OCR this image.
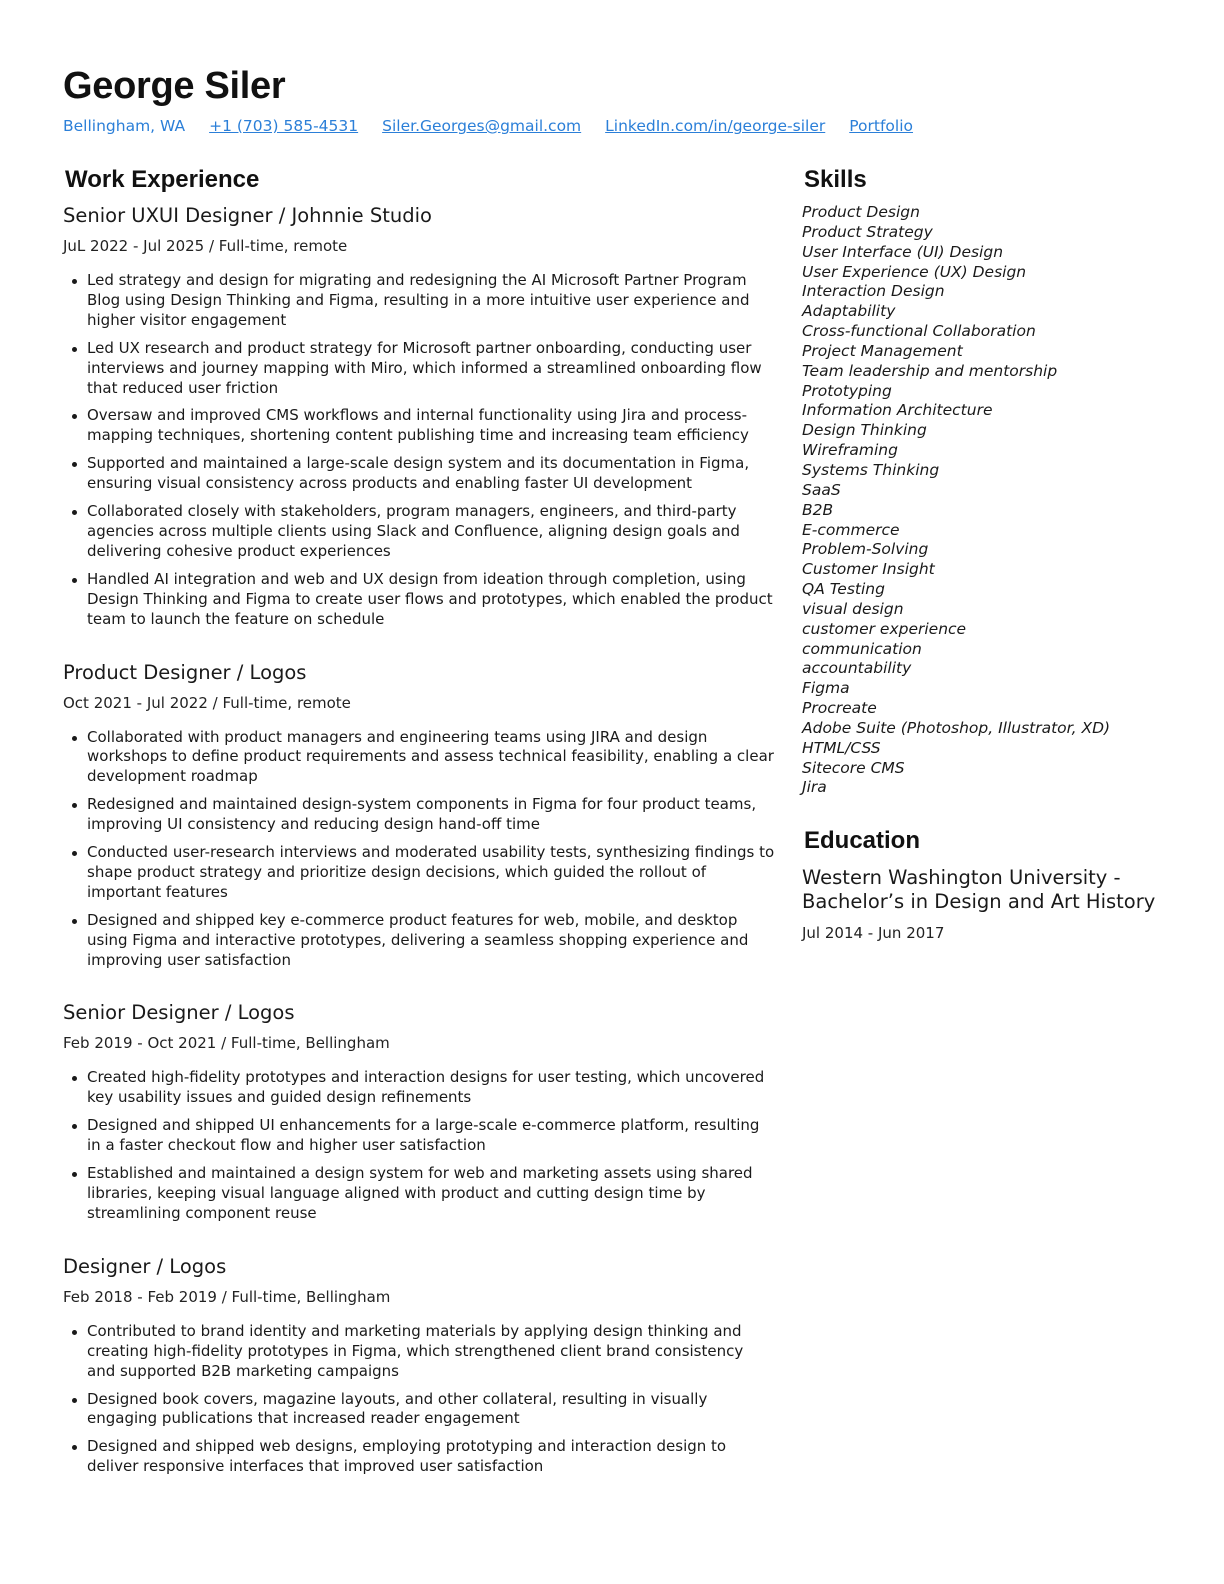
George Siler
Bellingham, WA +1 (703) 585-4531 Siler.Georges@gmail.com LinkedIn.com/in/george-siler Portfolio
Work Experience
Senior UXUI Designer / Johnnie Studio
JuL 2022 - Jul 2025 / Full-time, remote
Led strategy and design for migrating and redesigning the AI Microsoft Partner Program Blog using Design Thinking and Figma, resulting in a more intuitive user experience and higher visitor engagement
Led UX research and product strategy for Microsoft partner onboarding, conducting user interviews and journey mapping with Miro, which informed a streamlined onboarding flow that reduced user friction
Oversaw and improved CMS workflows and internal functionality using Jira and process-mapping techniques, shortening content publishing time and increasing team efficiency
Supported and maintained a large-scale design system and its documentation in Figma, ensuring visual consistency across products and enabling faster UI development
Collaborated closely with stakeholders, program managers, engineers, and third-party agencies across multiple clients using Slack and Confluence, aligning design goals and delivering cohesive product experiences
Handled AI integration and web and UX design from ideation through completion, using Design Thinking and Figma to create user flows and prototypes, which enabled the product team to launch the feature on schedule
Product Designer / Logos
Oct 2021 - Jul 2022 / Full-time, remote
Collaborated with product managers and engineering teams using JIRA and design workshops to define product requirements and assess technical feasibility, enabling a clear development roadmap
Redesigned and maintained design-system components in Figma for four product teams, improving UI consistency and reducing design hand-off time
Conducted user-research interviews and moderated usability tests, synthesizing findings to shape product strategy and prioritize design decisions, which guided the rollout of important features
Designed and shipped key e-commerce product features for web, mobile, and desktop using Figma and interactive prototypes, delivering a seamless shopping experience and improving user satisfaction
Senior Designer / Logos
Feb 2019 - Oct 2021 / Full-time, Bellingham
Created high-fidelity prototypes and interaction designs for user testing, which uncovered key usability issues and guided design refinements
Designed and shipped UI enhancements for a large-scale e-commerce platform, resulting in a faster checkout flow and higher user satisfaction
Established and maintained a design system for web and marketing assets using shared libraries, keeping visual language aligned with product and cutting design time by streamlining component reuse
Designer / Logos
Feb 2018 - Feb 2019 / Full-time, Bellingham
Contributed to brand identity and marketing materials by applying design thinking and creating high-fidelity prototypes in Figma, which strengthened client brand consistency and supported B2B marketing campaigns
Designed book covers, magazine layouts, and other collateral, resulting in visually engaging publications that increased reader engagement
Designed and shipped web designs, employing prototyping and interaction design to deliver responsive interfaces that improved user satisfaction
Skills
Product Design
Product Strategy
User Interface (UI) Design
User Experience (UX) Design
Interaction Design
Adaptability
Cross-functional Collaboration
Project Management
Team leadership and mentorship
Prototyping
Information Architecture
Design Thinking
Wireframing
Systems Thinking
SaaS
B2B
E-commerce
Problem-Solving
Customer Insight
QA Testing
visual design
customer experience
communication
accountability
Figma
Procreate
Adobe Suite (Photoshop, Illustrator, XD)
HTML/CSS
Sitecore CMS
Jira
Education
Western Washington University - Bachelor’s in Design and Art History
Jul 2014 - Jun 2017
